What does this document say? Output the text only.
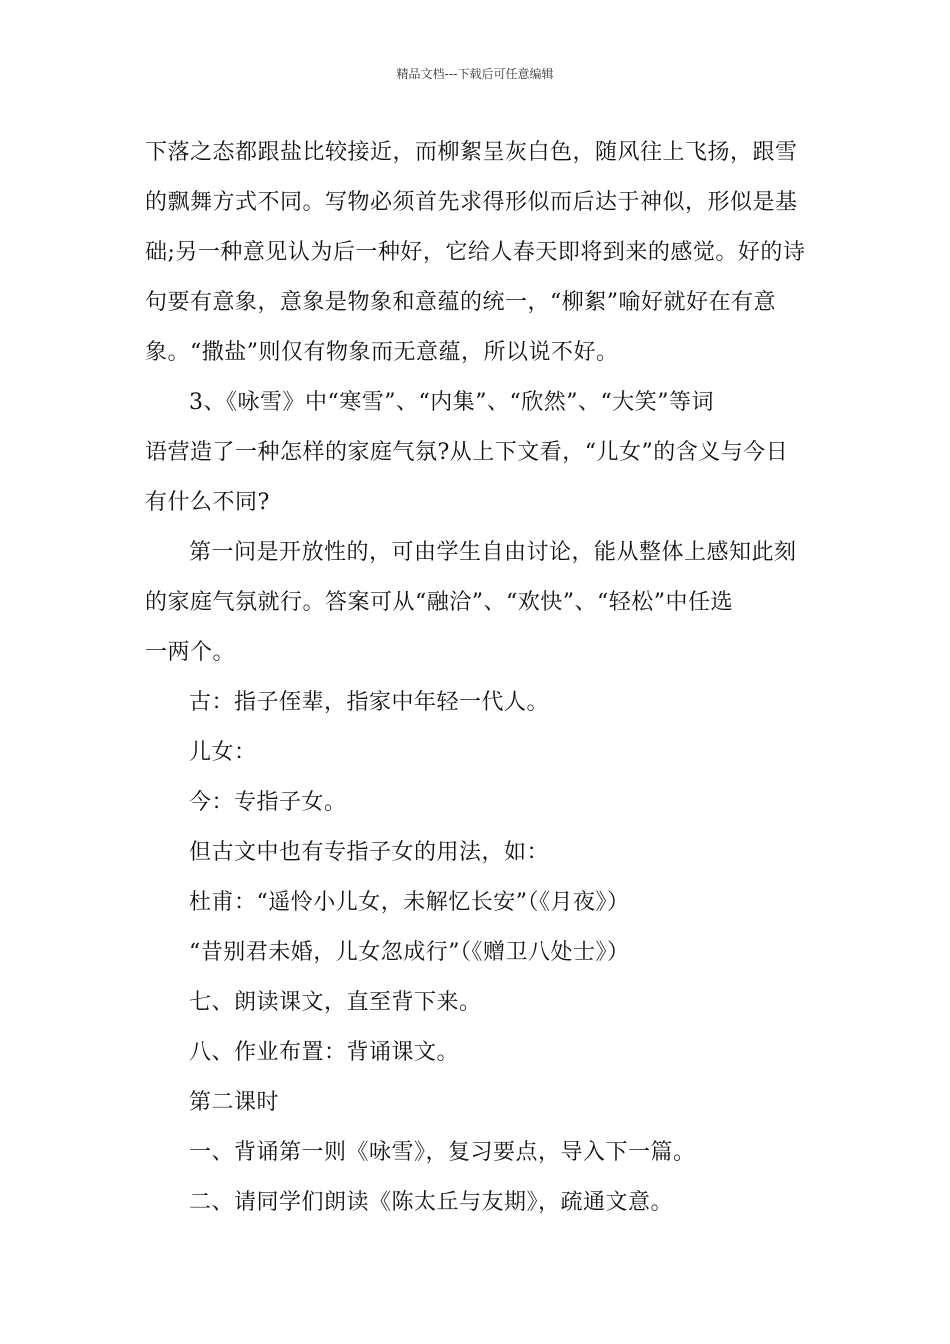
精品文档---下载后可任意编辑
下落之态都跟盐比较接近，而柳絮呈灰白色，随风往上飞扬，跟雪
的飘舞方式不同。写物必须首先求得形似而后达于神似，形似是基
础;另一种意见认为后一种好，它给人春天即将到来的感觉。好的诗
句要有意象，意象是物象和意蕴的统一，“柳絮”喻好就好在有意
象。“撒盐”则仅有物象而无意蕴，所以说不好。
3、《咏雪》中“寒雪”、“内集”、“欣然”、“大笑”等词
语营造了一种怎样的家庭气氛?从上下文看，“儿女”的含义与今日
有什么不同?
第一问是开放性的，可由学生自由讨论，能从整体上感知此刻
的家庭气氛就行。答案可从“融洽”、“欢快”、“轻松”中任选
一两个。
古：指子侄辈，指家中年轻一代人。
儿女：
今：专指子女。
但古文中也有专指子女的用法，如：
杜甫：“遥怜小儿女，未解忆长安”（《月夜》）
“昔别君未婚，儿女忽成行”（《赠卫八处士》）
七、朗读课文，直至背下来。
八、作业布置：背诵课文。
第二课时
一、背诵第一则《咏雪》，复习要点，导入下一篇。
二、请同学们朗读《陈太丘与友期》，疏通文意。
